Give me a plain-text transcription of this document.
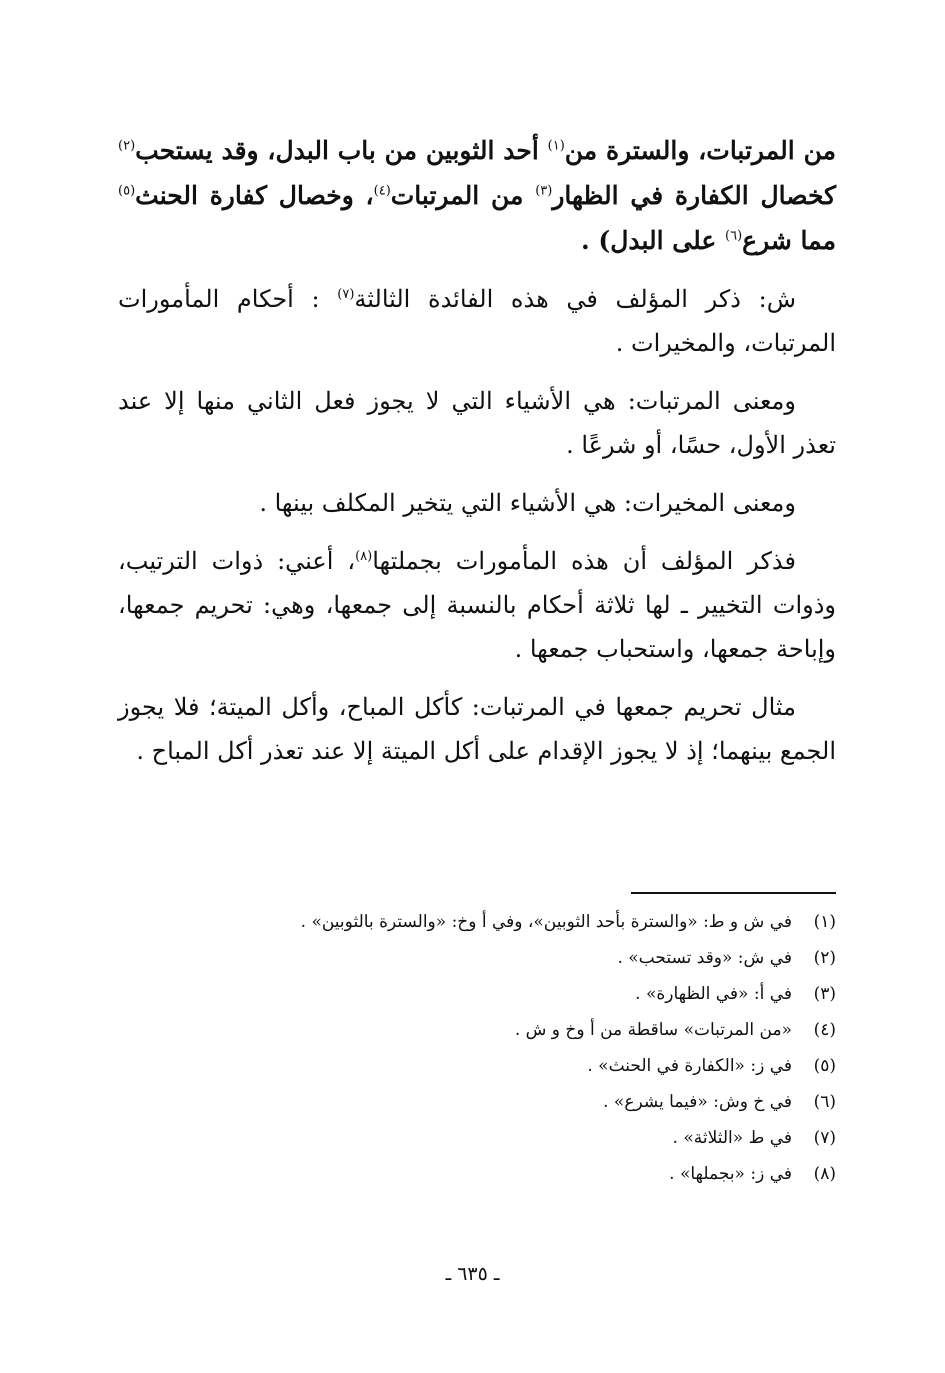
من المرتبات، والسترة من$^{(١)}$ أحد الثوبين من باب البدل، وقد يستحب$^{(٢)}$ كخصال الكفارة في الظهار$^{(٣)}$ من المرتبات$^{(٤)}$، وخصال كفارة الحنث$^{(٥)}$ مما شرع$^{(٦)}$ على البدل) .

ش: ذكر المؤلف في هذه الفائدة الثالثة$^{(٧)}$ : أحكام المأمورات المرتبات، والمخيرات .

ومعنى المرتبات: هي الأشياء التي لا يجوز فعل الثاني منها إلا عند تعذر الأول، حسًا، أو شرعًا .

ومعنى المخيرات: هي الأشياء التي يتخير المكلف بينها .

فذكر المؤلف أن هذه المأمورات بجملتها$^{(٨)}$، أعني: ذوات الترتيب، وذوات التخيير ـ لها ثلاثة أحكام بالنسبة إلى جمعها، وهي: تحريم جمعها، وإباحة جمعها، واستحباب جمعها .

مثال تحريم جمعها في المرتبات: كأكل المباح، وأكل الميتة؛ فلا يجوز الجمع بينهما؛ إذ لا يجوز الإقدام على أكل الميتة إلا عند تعذر أكل المباح .

(١)في ش و ط: «والسترة بأحد الثوبين»، وفي أ وخ: «والسترة بالثوبين» .
(٢)في ش: «وقد تستحب» .
(٣)في أ: «في الظهارة» .
(٤)«من المرتبات» ساقطة من أ وخ و ش .
(٥)في ز: «الكفارة في الحنث» .
(٦)في خ وش: «فيما يشرع» .
(٧)في ط «الثلاثة» .
(٨)في ز: «بجملها» .
ـ ٦٣٥ ـ
